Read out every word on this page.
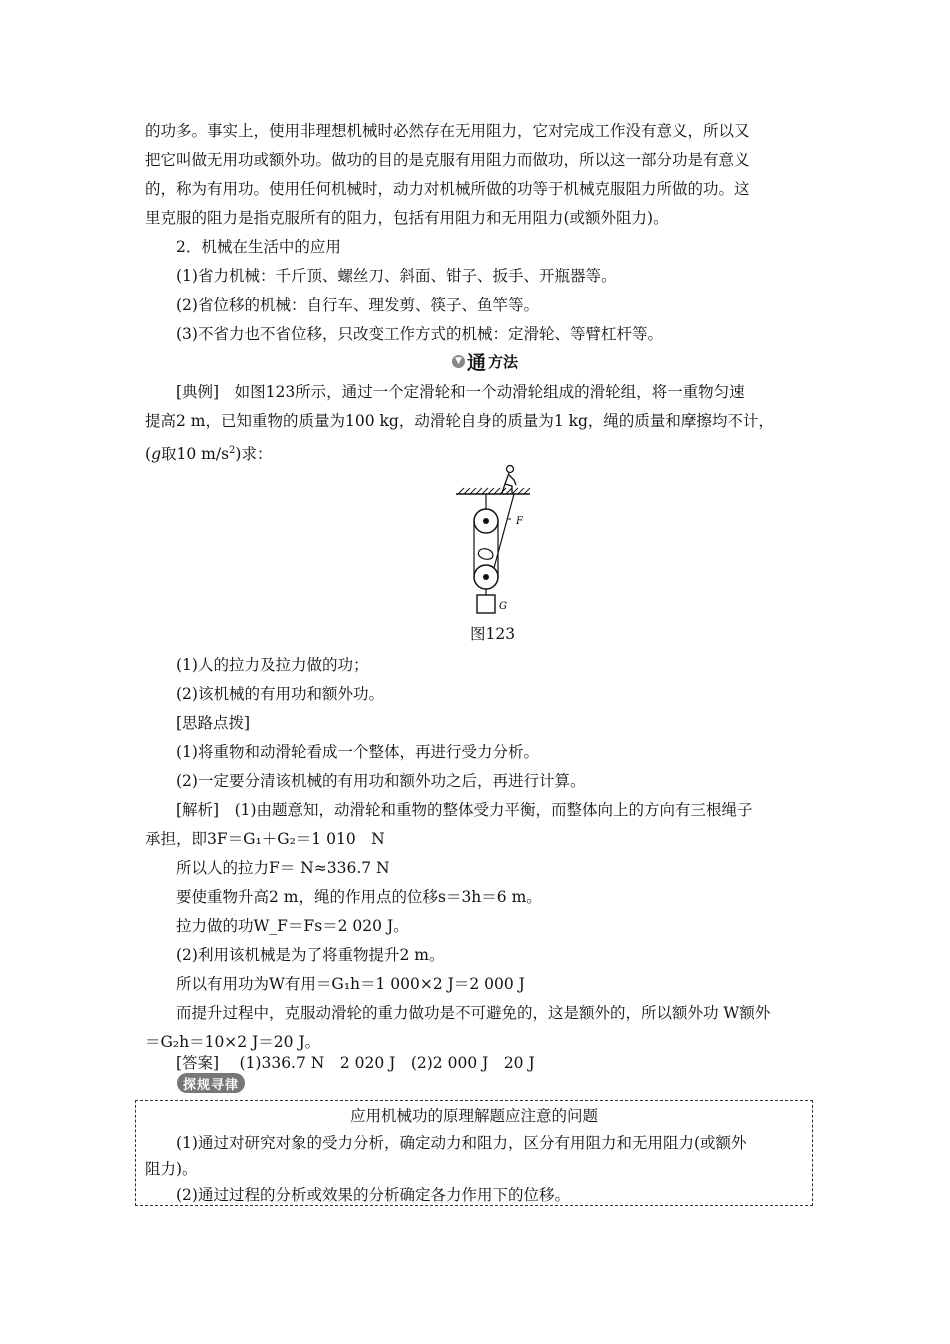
的功多。事实上，使用非理想机械时必然存在无用阻力，它对完成工作没有意义，所以又
把它叫做无用功或额外功。做功的目的是克服有用阻力而做功，所以这一部分功是有意义
的，称为有用功。使用任何机械时，动力对机械所做的功等于机械克服阻力所做的功。这
里克服的阻力是指克服所有的阻力，包括有用阻力和无用阻力(或额外阻力)。
2．机械在生活中的应用
(1)省力机械：千斤顶、螺丝刀、斜面、钳子、扳手、开瓶器等。
(2)省位移的机械：自行车、理发剪、筷子、鱼竿等。
(3)不省力也不省位移，只改变工作方式的机械：定滑轮、等臂杠杆等。
▼ 通 方法
[典例]　如图123所示，通过一个定滑轮和一个动滑轮组成的滑轮组，将一重物匀速
提高2 m，已知重物的质量为100 kg，动滑轮自身的质量为1 kg，绳的质量和摩擦均不计，
(g取10 $m/s^2$)求：
F
G
图123
(1)人的拉力及拉力做的功；
(2)该机械的有用功和额外功。
[思路点拨]
(1)将重物和动滑轮看成一个整体，再进行受力分析。
(2)一定要分清该机械的有用功和额外功之后，再进行计算。
[解析]　(1)由题意知，动滑轮和重物的整体受力平衡，而整体向上的方向有三根绳子
承担，即3F＝G₁＋G₂＝1 010　N
所以人的拉力F＝ N≈336.7 N
要使重物升高2 m，绳的作用点的位移s＝3h＝6 m。
拉力做的功W_F＝Fs＝2 020 J。
(2)利用该机械是为了将重物提升2 m。
所以有用功为W有用＝G₁h＝1 000×2 J＝2 000 J
而提升过程中，克服动滑轮的重力做功是不可避免的，这是额外的，所以额外功 W额外
＝G₂h＝10×2 J＝20 J。
[答案]　 (1)336.7 N　2 020 J　(2)2 000 J　20 J
探规寻律
应用机械功的原理解题应注意的问题
(1)通过对研究对象的受力分析，确定动力和阻力，区分有用阻力和无用阻力(或额外
阻力)。
(2)通过过程的分析或效果的分析确定各力作用下的位移。
